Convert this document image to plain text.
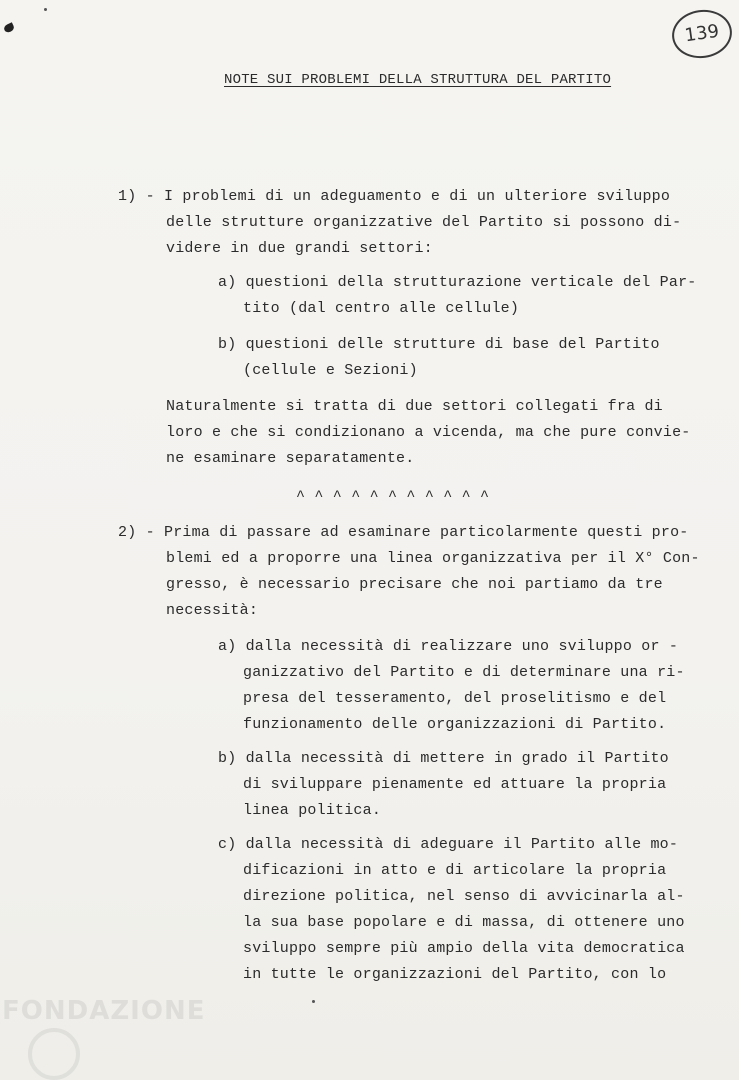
139
NOTE SUI PROBLEMI DELLA STRUTTURA DEL PARTITO
1) - I problemi di un adeguamento e di un ulteriore sviluppo
delle strutture organizzative del Partito si possono di-
videre in due grandi settori:
a) questioni della strutturazione verticale del Par-
tito (dal centro alle cellule)
b) questioni delle strutture di base del Partito
(cellule e Sezioni)
Naturalmente si tratta di due settori collegati fra di
loro e che si condizionano a vicenda, ma che pure convie-
ne esaminare separatamente.
^ ^ ^ ^ ^ ^ ^ ^ ^ ^ ^
2) - Prima di passare ad esaminare particolarmente questi pro-
blemi ed a proporre una linea organizzativa per il X° Con-
gresso, è necessario precisare che noi partiamo da tre
necessità:
a) dalla necessità di realizzare uno sviluppo or -
ganizzativo del Partito e di determinare una ri-
presa del tesseramento, del proselitismo e del
funzionamento delle organizzazioni di Partito.
b) dalla necessità di mettere in grado il Partito
di sviluppare pienamente ed attuare la propria
linea politica.
c) dalla necessità di adeguare il Partito alle mo-
dificazioni in atto e di articolare la propria
direzione politica, nel senso di avvicinarla al-
la sua base popolare e di massa, di ottenere uno
sviluppo sempre più ampio della vita democratica
in tutte le organizzazioni del Partito, con lo
FONDAZIONE
